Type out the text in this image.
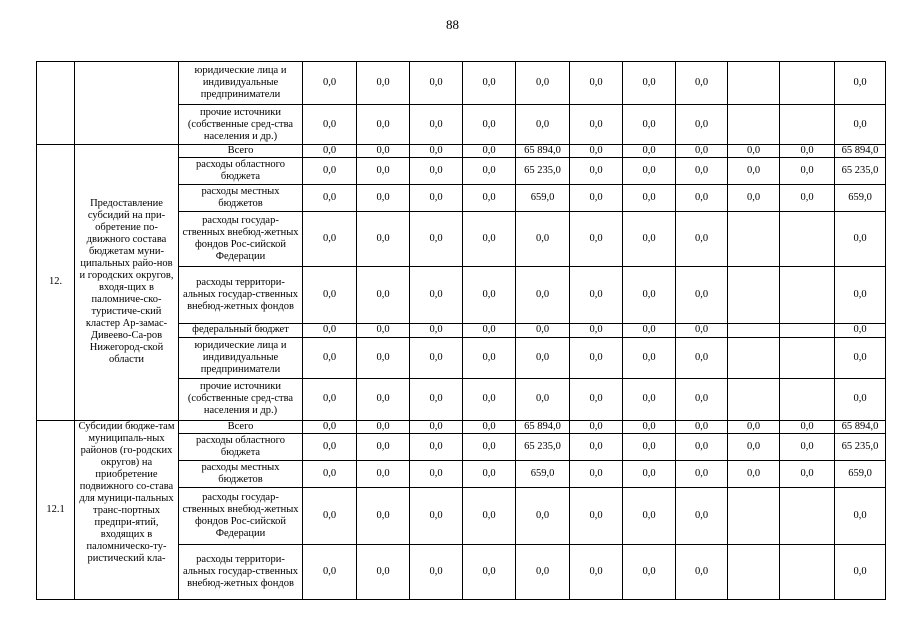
88
		юридические лица и индивидуальные предприниматели	0,0	0,0	0,0	0,0	0,0	0,0	0,0	0,0			0,0
		прочие источники (собственные сред-ства населения и др.)	0,0	0,0	0,0	0,0	0,0	0,0	0,0	0,0			0,0
12.	Предоставление субсидий на при-обретение по-движного состава бюджетам муни-ципальных райо-нов и городских округов, входя-щих в паломниче-ско-туристиче-ский кластер Ар-замас-Дивеево-Са-ров Нижегород-ской области	Всего	0,0	0,0	0,0	0,0	65 894,0	0,0	0,0	0,0	0,0	0,0	65 894,0
		расходы областного бюджета	0,0	0,0	0,0	0,0	65 235,0	0,0	0,0	0,0	0,0	0,0	65 235,0
		расходы местных бюджетов	0,0	0,0	0,0	0,0	659,0	0,0	0,0	0,0	0,0	0,0	659,0
		расходы государ-ственных внебюд-жетных фондов Рос-сийской Федерации	0,0	0,0	0,0	0,0	0,0	0,0	0,0	0,0			0,0
		расходы территори-альных государ-ственных внебюд-жетных фондов	0,0	0,0	0,0	0,0	0,0	0,0	0,0	0,0			0,0
		федеральный бюджет	0,0	0,0	0,0	0,0	0,0	0,0	0,0	0,0			0,0
		юридические лица и индивидуальные предприниматели	0,0	0,0	0,0	0,0	0,0	0,0	0,0	0,0			0,0
		прочие источники (собственные сред-ства населения и др.)	0,0	0,0	0,0	0,0	0,0	0,0	0,0	0,0			0,0
12.1	Субсидии бюдже-там муниципаль-ных районов (го-родских округов) на приобретение подвижного со-става для муници-пальных транс-портных предпри-ятий, входящих в паломническо-ту-ристический кла-	Всего	0,0	0,0	0,0	0,0	65 894,0	0,0	0,0	0,0	0,0	0,0	65 894,0
		расходы областного бюджета	0,0	0,0	0,0	0,0	65 235,0	0,0	0,0	0,0	0,0	0,0	65 235,0
		расходы местных бюджетов	0,0	0,0	0,0	0,0	659,0	0,0	0,0	0,0	0,0	0,0	659,0
		расходы государ-ственных внебюд-жетных фондов Рос-сийской Федерации	0,0	0,0	0,0	0,0	0,0	0,0	0,0	0,0			0,0
		расходы территори-альных государ-ственных внебюд-жетных фондов	0,0	0,0	0,0	0,0	0,0	0,0	0,0	0,0			0,0
